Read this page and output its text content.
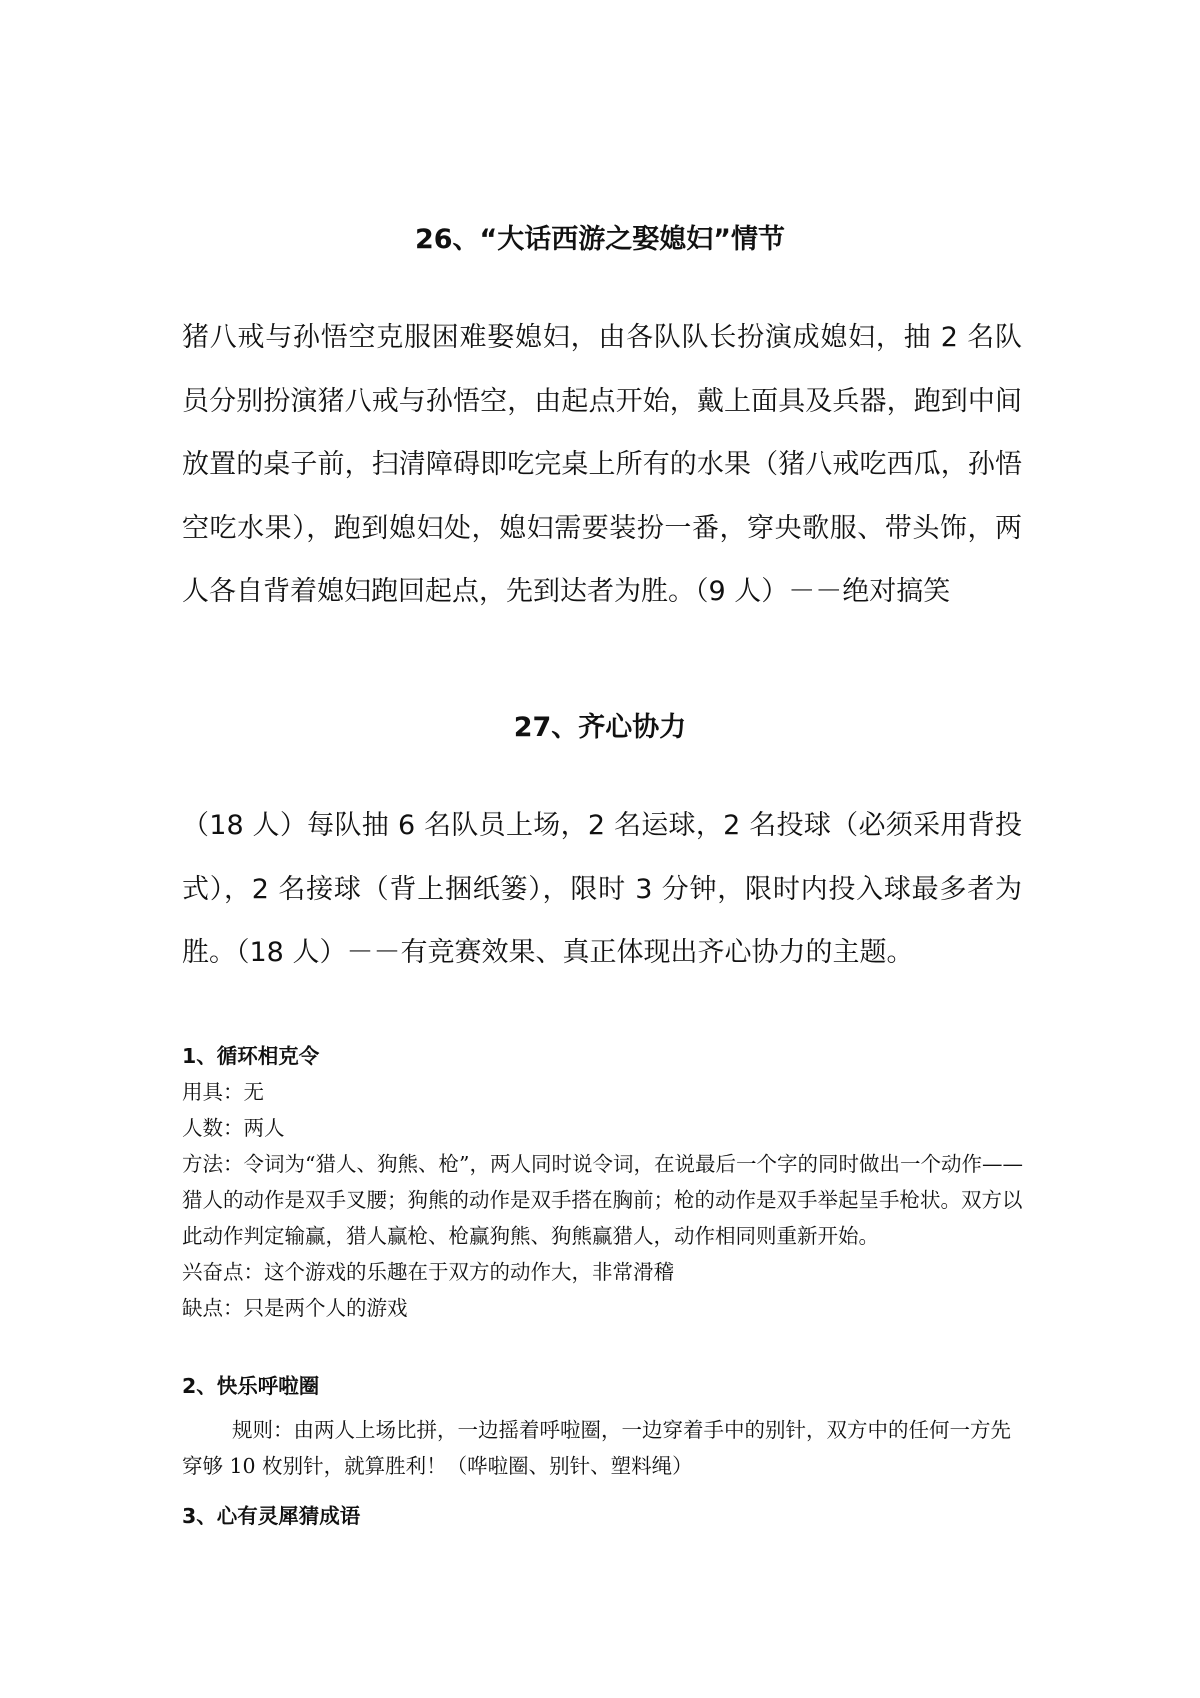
26、“大话西游之娶媳妇”情节

猪八戒与孙悟空克服困难娶媳妇，由各队队长扮演成媳妇，抽 2 名队员分别扮演猪八戒与孙悟空，由起点开始，戴上面具及兵器，跑到中间放置的桌子前，扫清障碍即吃完桌上所有的水果（猪八戒吃西瓜，孙悟空吃水果），跑到媳妇处，媳妇需要装扮一番，穿央歌服、带头饰，两人各自背着媳妇跑回起点，先到达者为胜。（9 人）－－绝对搞笑

27、齐心协力

（18 人）每队抽 6 名队员上场，2 名运球，2 名投球（必须采用背投式），2 名接球（背上捆纸篓），限时 3 分钟，限时内投入球最多者为胜。（18 人）－－有竞赛效果、真正体现出齐心协力的主题。

1、循环相克令

用具：无

人数：两人

方法：令词为“猎人、狗熊、枪”，两人同时说令词，在说最后一个字的同时做出一个动作——猎人的动作是双手叉腰；狗熊的动作是双手搭在胸前；枪的动作是双手举起呈手枪状。双方以此动作判定输赢，猎人赢枪、枪赢狗熊、狗熊赢猎人，动作相同则重新开始。

兴奋点：这个游戏的乐趣在于双方的动作大，非常滑稽

缺点：只是两个人的游戏

2、快乐呼啦圈

规则：由两人上场比拼，一边摇着呼啦圈，一边穿着手中的别针，双方中的任何一方先穿够 10 枚别针，就算胜利！（哗啦圈、别针、塑料绳）

3、心有灵犀猜成语
